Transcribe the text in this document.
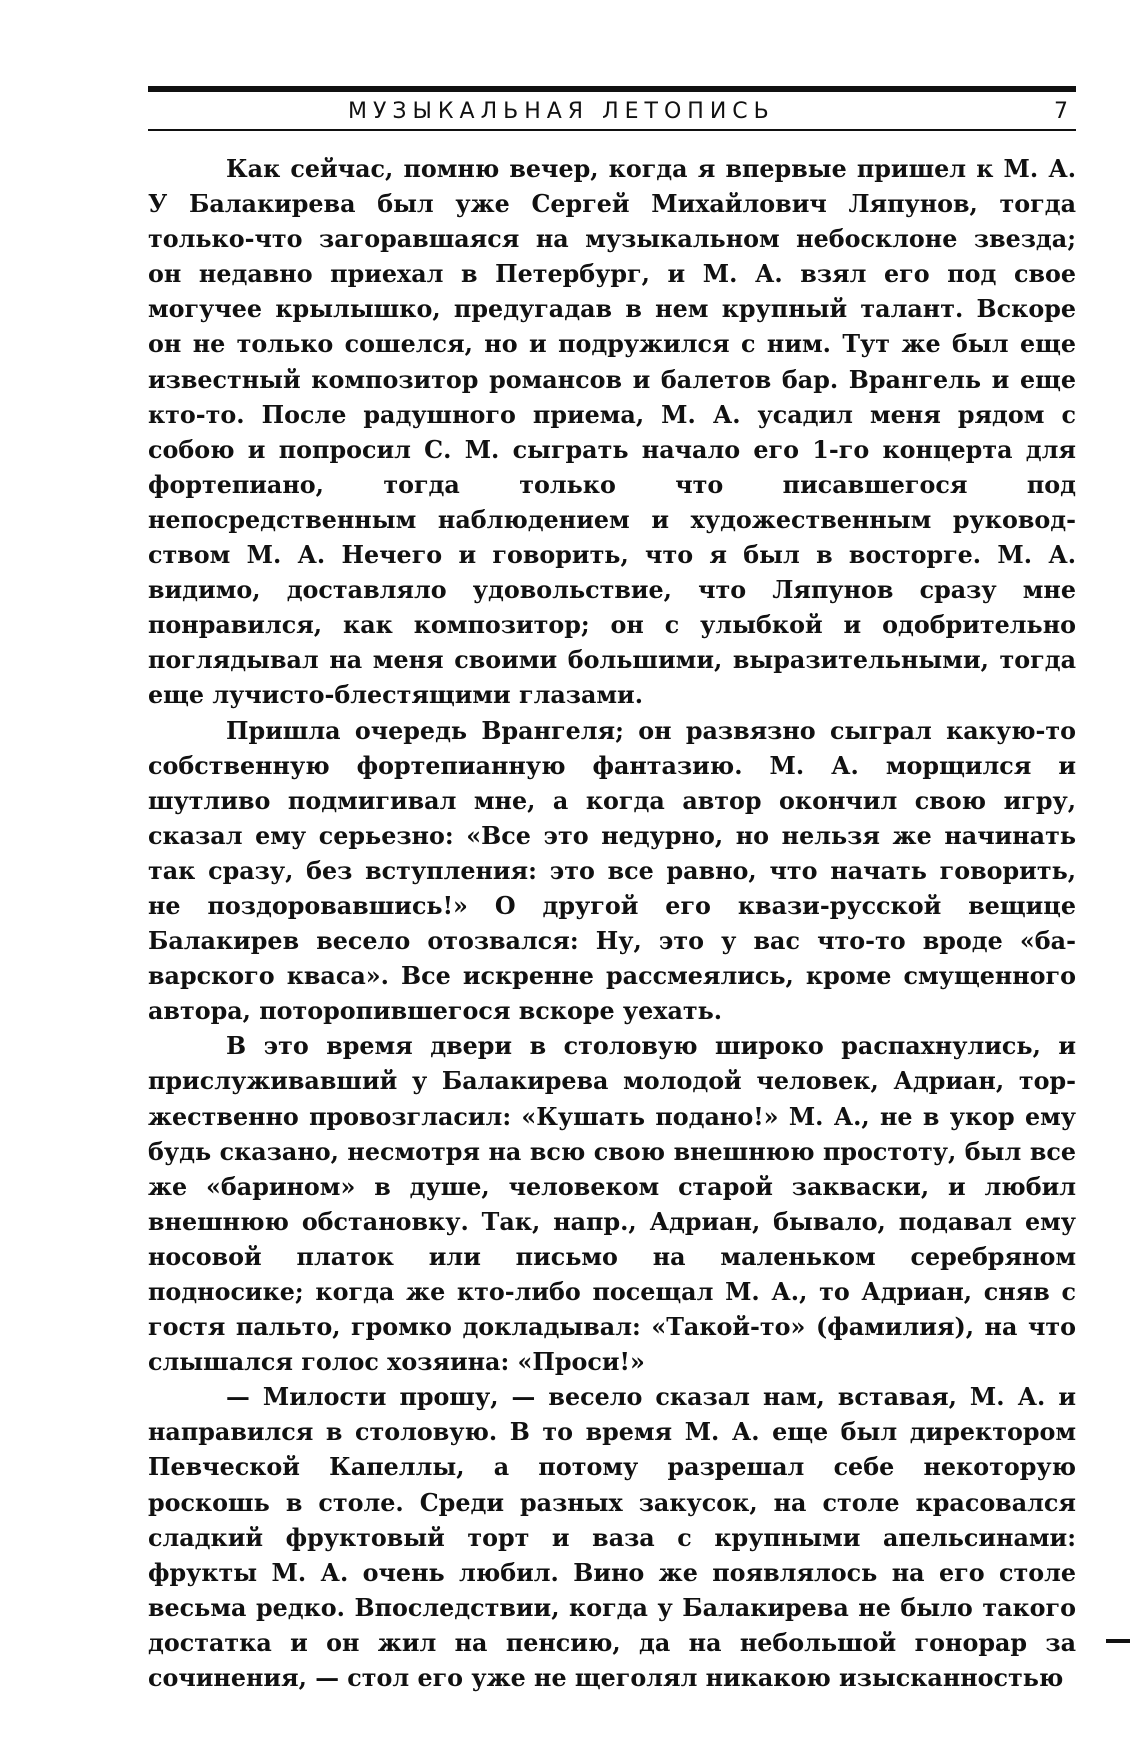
МУЗЫКАЛЬНАЯ ЛЕТОПИСЬ	7

Как сейчас, помню вечер, когда я впервые пришел к М. А. У Балакирева был уже Сергей Михайлович Ляпунов, тогда только-что загоравшаяся на музыкальном небосклоне звезда; он недавно приехал в Петербург, и М. А. взял его под свое могучее крылышко, предугадав в нем крупный талант. Вскоре он не только сошелся, но и подружился с ним. Тут же был еще известный композитор романсов и балетов бар. Врангель и еще кто-то. После радушного приема, М. А. усадил меня рядом с собою и попросил С. М. сыграть начало его 1-го концерта для фортепиано, тогда только что писавшегося под непосредственным наблюдением и художественным руководством М. А. Нечего и говорить, что я был в восторге. М. А. видимо, доставляло удовольствие, что Ляпунов сразу мне понравился, как композитор; он с улыбкой и одобрительно поглядывал на меня своими большими, выразительными, тогда еще лучисто-блестящими глазами.

Пришла очередь Врангеля; он развязно сыграл какую-то собственную фортепианную фантазию. М. А. морщился и шутливо подмигивал мне, а когда автор окончил свою игру, сказал ему серьезно: «Все это недурно, но нельзя же начинать так сразу, без вступления: это все равно, что начать говорить, не поздоровавшись!» О другой его квази-русской вещице Балакирев весело отозвался: Ну, это у вас что-то вроде «баварского кваса». Все искренне рассмеялись, кроме смущенного автора, поторопившегося вскоре уехать.

В это время двери в столовую широко распахнулись, и прислуживавший у Балакирева молодой человек, Адриан, торжественно провозгласил: «Кушать подано!» М. А., не в укор ему будь сказано, несмотря на всю свою внешнюю простоту, был все же «барином» в душе, человеком старой закваски, и любил внешнюю обстановку. Так, напр., Адриан, бывало, подавал ему носовой платок или письмо на маленьком серебряном подносике; когда же кто-либо посещал М. А., то Адриан, сняв с гостя пальто, громко докладывал: «Такой-то» (фамилия), на что слышался голос хозяина: «Проси!»

— Милости прошу, — весело сказал нам, вставая, М. А. и направился в столовую. В то время М. А. еще был директором Певческой Капеллы, а потому разрешал себе некоторую роскошь в столе. Среди разных закусок, на столе красовался сладкий фруктовый торт и ваза с крупными апельсинами: фрукты М. А. очень любил. Вино же появлялось на его столе весьма редко. Впоследствии, когда у Балакирева не было такого достатка и он жил на пенсию, да на небольшой гонорар за сочинения, — стол его уже не щеголял никакою изысканностью
